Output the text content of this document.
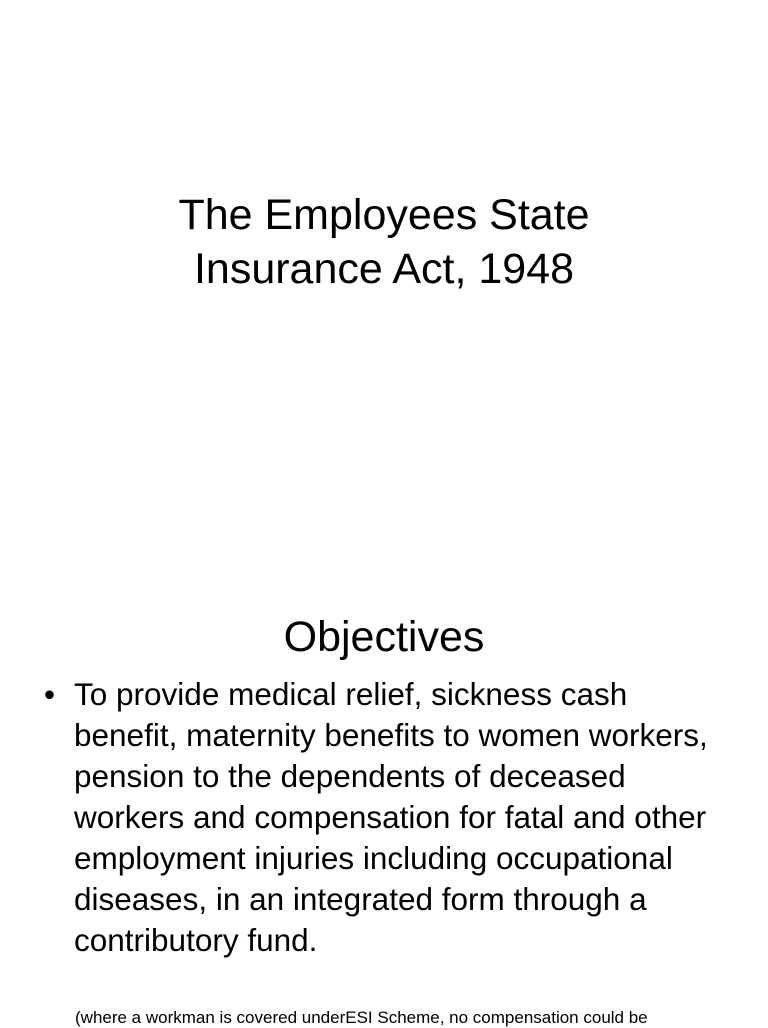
The Employees State
Insurance Act, 1948
Objectives
• To provide medical relief, sickness cash benefit, maternity benefits to women workers, pension to the dependents of deceased workers and compensation for fatal and other employment injuries including occupational diseases, in an integrated form through a contributory fund.

(where a workman is covered underESI Scheme, no compensation could be
